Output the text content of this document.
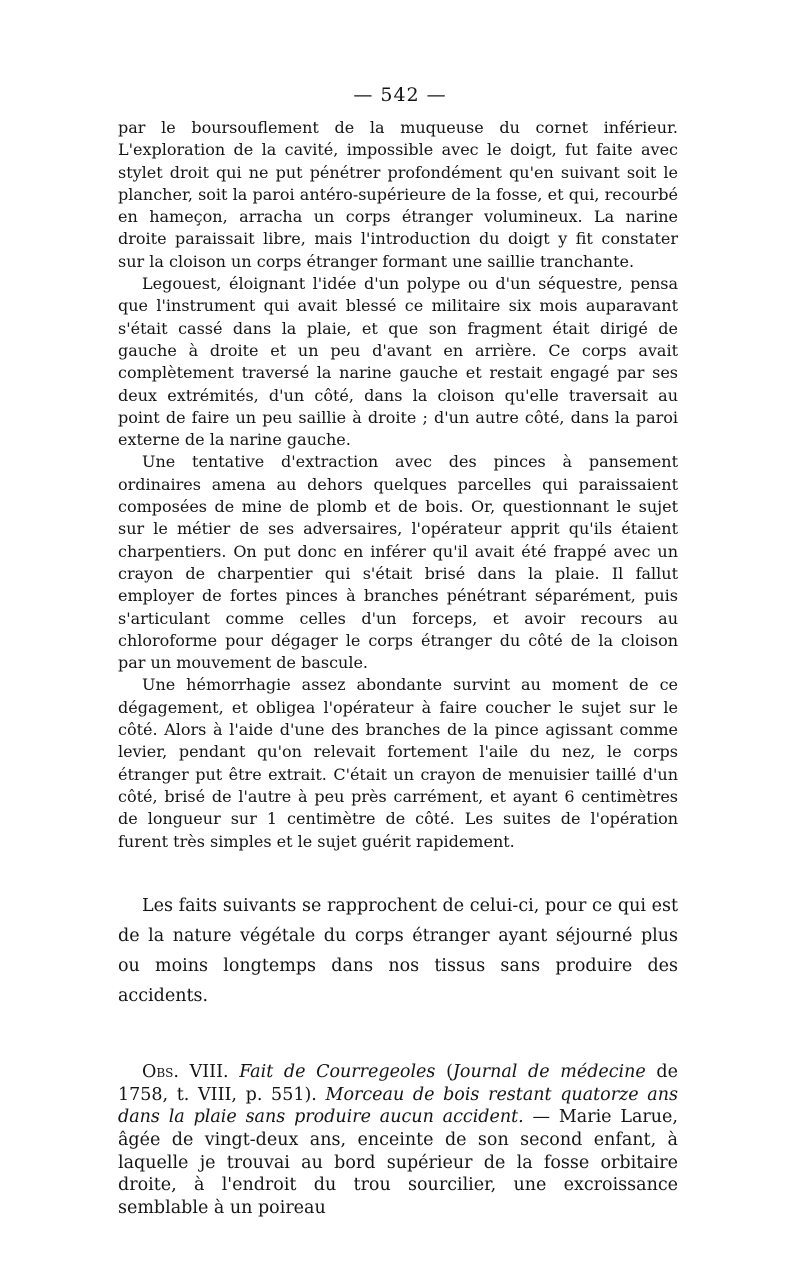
— 542 —

par le boursouflement de la muqueuse du cornet inférieur. L'exploration de la cavité, impossible avec le doigt, fut faite avec stylet droit qui ne put pénétrer profondément qu'en suivant soit le plancher, soit la paroi antéro-supérieure de la fosse, et qui, recourbé en hameçon, arracha un corps étranger volumineux. La narine droite paraissait libre, mais l'introduction du doigt y fit constater sur la cloison un corps étranger formant une saillie tranchante.

Legouest, éloignant l'idée d'un polype ou d'un séquestre, pensa que l'instrument qui avait blessé ce militaire six mois auparavant s'était cassé dans la plaie, et que son fragment était dirigé de gauche à droite et un peu d'avant en arrière. Ce corps avait complètement traversé la narine gauche et restait engagé par ses deux extrémités, d'un côté, dans la cloison qu'elle traversait au point de faire un peu saillie à droite ; d'un autre côté, dans la paroi externe de la narine gauche.

Une tentative d'extraction avec des pinces à pansement ordinaires amena au dehors quelques parcelles qui paraissaient composées de mine de plomb et de bois. Or, questionnant le sujet sur le métier de ses adversaires, l'opérateur apprit qu'ils étaient charpentiers. On put donc en inférer qu'il avait été frappé avec un crayon de charpentier qui s'était brisé dans la plaie. Il fallut employer de fortes pinces à branches pénétrant séparément, puis s'articulant comme celles d'un forceps, et avoir recours au chloroforme pour dégager le corps étranger du côté de la cloison par un mouvement de bascule.

Une hémorrhagie assez abondante survint au moment de ce dégagement, et obligea l'opérateur à faire coucher le sujet sur le côté. Alors à l'aide d'une des branches de la pince agissant comme levier, pendant qu'on relevait fortement l'aile du nez, le corps étranger put être extrait. C'était un crayon de menuisier taillé d'un côté, brisé de l'autre à peu près carrément, et ayant 6 centimètres de longueur sur 1 centimètre de côté. Les suites de l'opération furent très simples et le sujet guérit rapidement.

Les faits suivants se rapprochent de celui-ci, pour ce qui est de la nature végétale du corps étranger ayant séjourné plus ou moins longtemps dans nos tissus sans produire des accidents.

Obs. VIII. Fait de Courregeoles (Journal de médecine de 1758, t. VIII, p. 551). Morceau de bois restant quatorze ans dans la plaie sans produire aucun accident. — Marie Larue, âgée de vingt-deux ans, enceinte de son second enfant, à laquelle je trouvai au bord supérieur de la fosse orbitaire droite, à l'endroit du trou sourcilier, une excroissance semblable à un poireau
